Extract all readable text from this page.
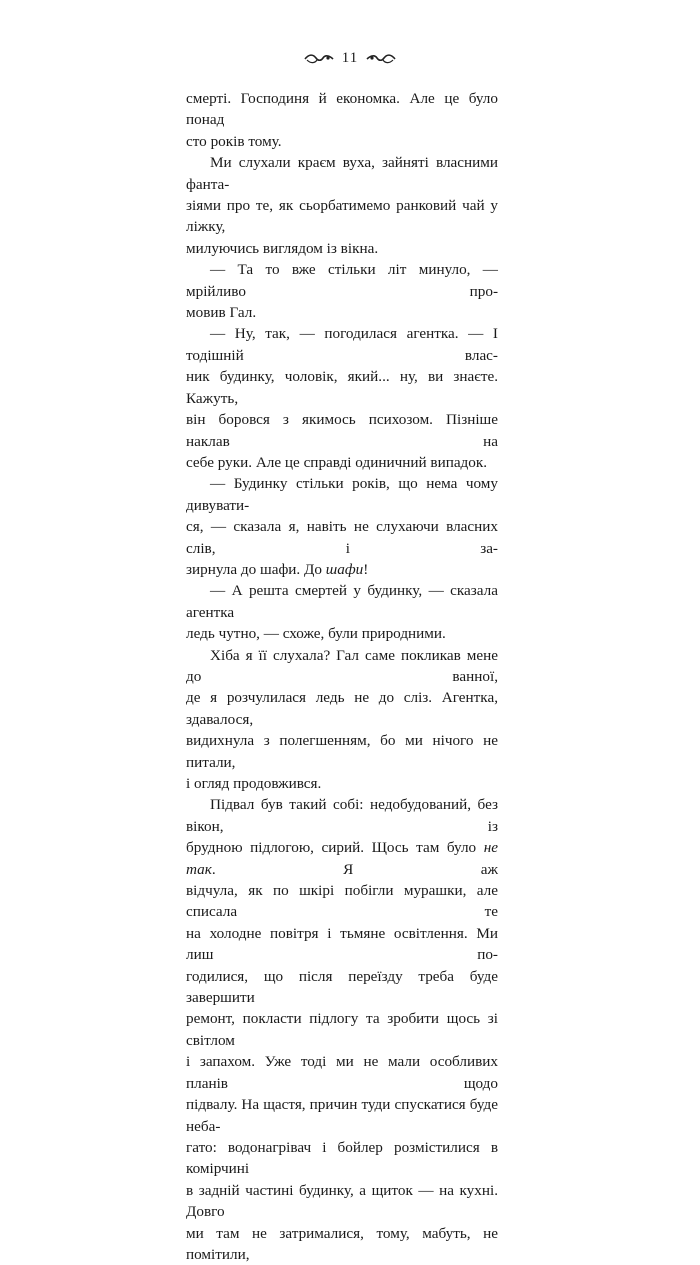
11

смерті. Господиня й економка. Але це було понад

сто років тому.

Ми слухали краєм вуха, зайняті власними фанта-

зіями про те, як сьорбатимемо ранковий чай у ліжку,

милуючись виглядом із вікна.

— Та то вже стільки літ минуло, — мрійливо про-

мовив Гал.

— Ну, так, — погодилася агентка. — І тодішній влас-

ник будинку, чоловік, який... ну, ви знаєте. Кажуть,

він боровся з якимось психозом. Пізніше наклав на

себе руки. Але це справді одиничний випадок.

— Будинку стільки років, що нема чому дивувати-

ся, — сказала я, навіть не слухаючи власних слів, і за-

зирнула до шафи. До шафи!

— А решта смертей у будинку, — сказала агентка

ледь чутно, — схоже, були природними.

Хіба я її слухала? Гал саме покликав мене до ванної,

де я розчулилася ледь не до сліз. Агентка, здавалося,

видихнула з полегшенням, бо ми нічого не питали,

і огляд продовжився.

Підвал був такий собі: недобудований, без вікон, із

брудною підлогою, сирий. Щось там було не так. Я аж

відчула, як по шкірі побігли мурашки, але списала те

на холодне повітря і тьмяне освітлення. Ми лиш по-

годилися, що після переїзду треба буде завершити

ремонт, покласти підлогу та зробити щось зі світлом

і запахом. Уже тоді ми не мали особливих планів щодо

підвалу. На щастя, причин туди спускатися буде неба-

гато: водонагрівач і бойлер розмістилися в комірчині

в задній частині будинку, а щиток — на кухні. Довго

ми там не затрималися, тому, мабуть, не помітили,
